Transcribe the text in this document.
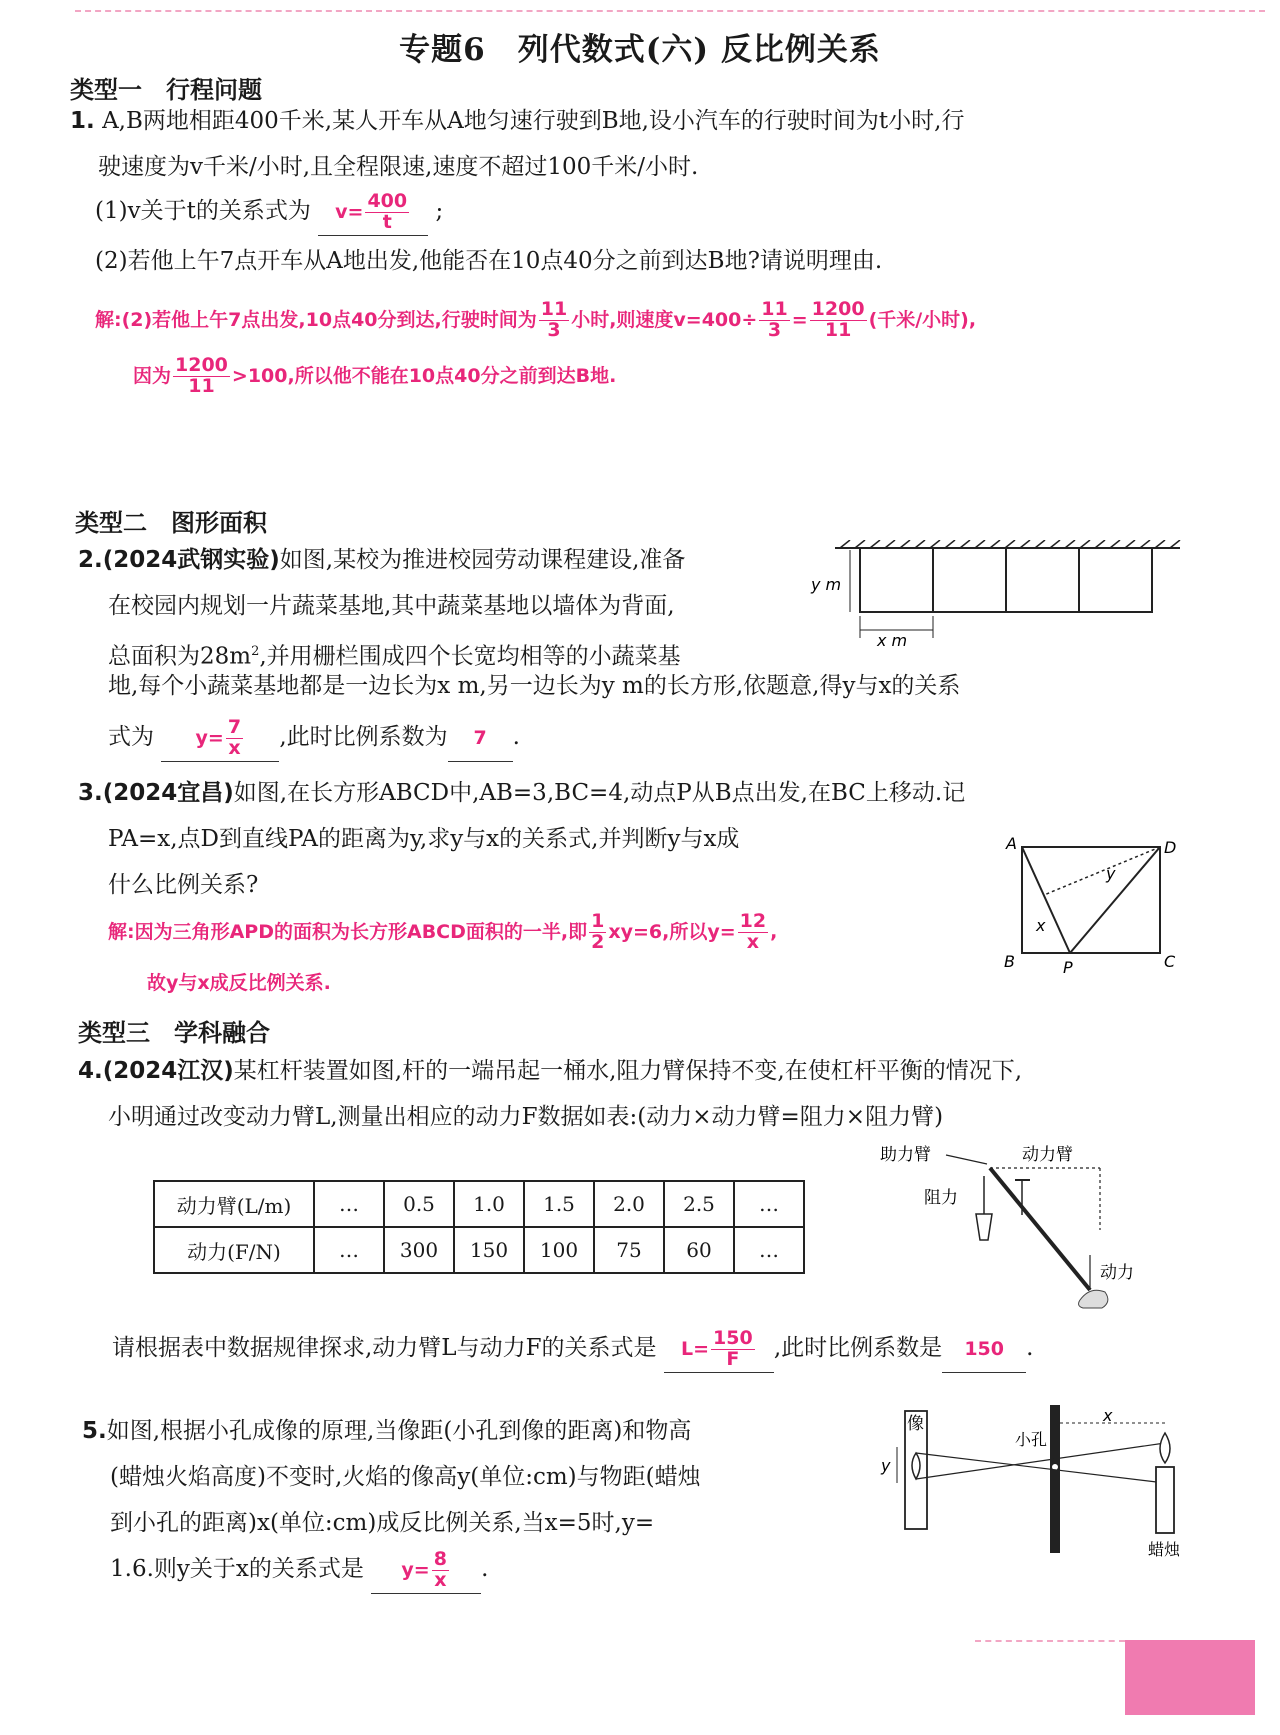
专题6　列代数式(六) 反比例关系
类型一　行程问题
1. A,B两地相距400千米,某人开车从A地匀速行驶到B地,设小汽车的行驶时间为t小时,行
驶速度为v千米/小时,且全程限速,速度不超过100千米/小时.
(1)v关于t的关系式为 $v= \frac{400}{t}$ ;
(2)若他上午7点开车从A地出发,他能否在10点40分之前到达B地?请说明理由.
解:(2)若他上午7点出发,10点40分到达,行驶时间为 $\frac{11}{3}$ 小时,则速度$v=400\div \frac{11}{3} = \frac{1200}{11}$ (千米/小时),
因为 $\frac{1200}{11} >100$,所以他不能在10点40分之前到达B地.
类型二　图形面积
2.(2024武钢实验)如图,某校为推进校园劳动课程建设,准备
在校园内规划一片蔬菜基地,其中蔬菜基地以墙体为背面,
总面积为$28m^2$,并用栅栏围成四个长宽均相等的小蔬菜基
地,每个小蔬菜基地都是一边长为x m,另一边长为y m的长方形,依题意,得y与x的关系
式为 $y= \frac{7}{x}$ ,此时比例系数为 7 .
y m
x m
3.(2024宜昌)如图,在长方形ABCD中,AB=3,BC=4,动点P从B点出发,在BC上移动.记
PA=x,点D到直线PA的距离为y,求y与x的关系式,并判断y与x成
什么比例关系?
解:因为三角形APD的面积为长方形ABCD面积的一半,即 $\frac{1}{2} xy=6$,所以$y= \frac{12}{x}$ ,
故y与x成反比例关系.
A	D
B	C
P
x
y
类型三　学科融合
4.(2024江汉)某杠杆装置如图,杆的一端吊起一桶水,阻力臂保持不变,在使杠杆平衡的情况下,
小明通过改变动力臂L,测量出相应的动力F数据如表:(动力×动力臂=阻力×阻力臂)
动力臂(L/m)	…	0.5	1.0	1.5	2.0	2.5	…
动力(F/N)	…	300	150	100	75	60	…
助力臂	动力臂
阻力
动力
请根据表中数据规律探求,动力臂L与动力F的关系式是 $L= \frac{150}{F}$ ,此时比例系数是 150 .
5.如图,根据小孔成像的原理,当像距(小孔到像的距离)和物高
(蜡烛火焰高度)不变时,火焰的像高y(单位:cm)与物距(蜡烛
到小孔的距离)x(单位:cm)成反比例关系,当x=5时,y=
1.6.则y关于x的关系式是 $y= \frac{8}{x}$ .
像
y
小孔
x
蜡烛
